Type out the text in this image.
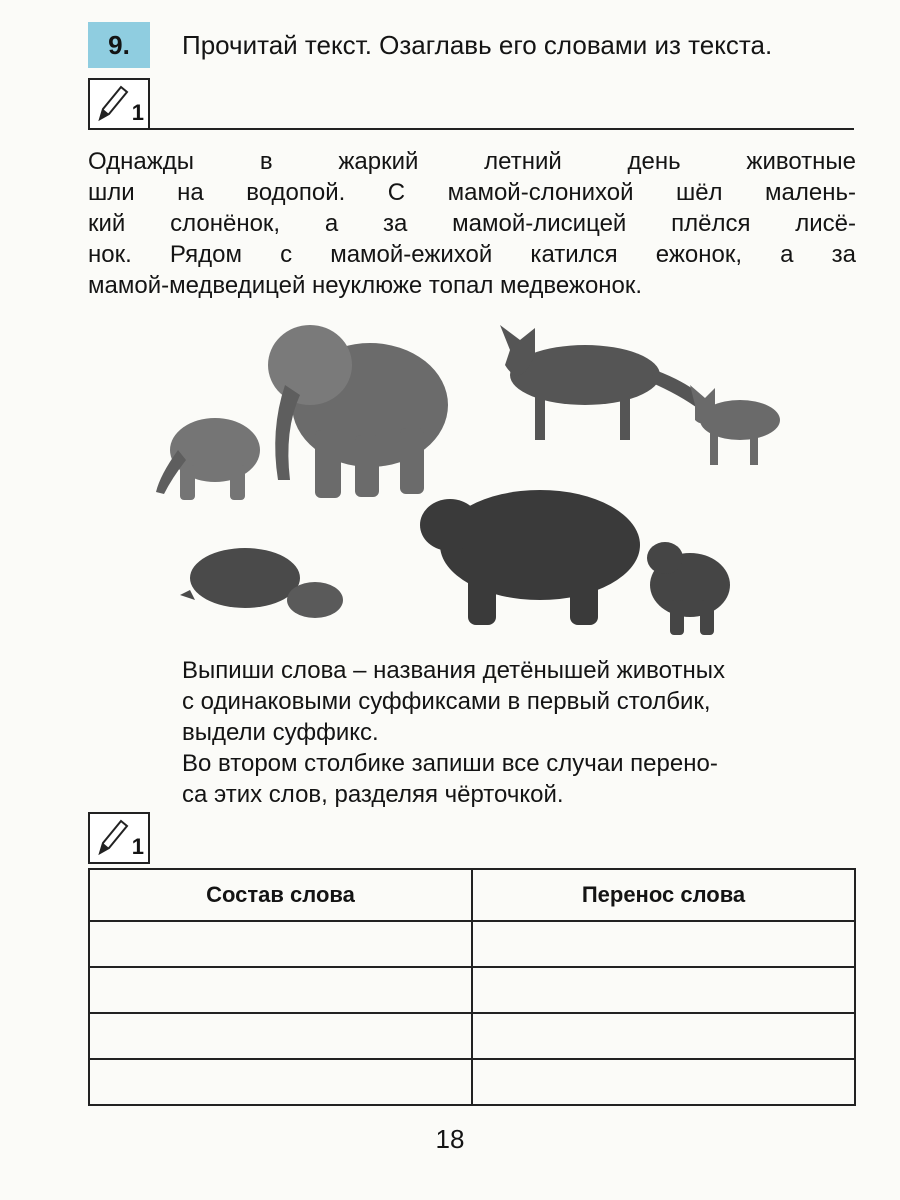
9. Прочитай текст. Озаглавь его словами из текста.
1

Однажды в жаркий летний день животные

шли на водопой. С мамой-слонихой шёл малень-

кий слонёнок, а за мамой-лисицей плёлся лисё-

нок. Рядом с мамой-ежихой катился ежонок, а за

мамой-медведицей неуклюже топал медвежонок.

Выпиши слова – названия детёнышей животных

с одинаковыми суффиксами в первый столбик,

выдели суффикс.

Во втором столбике запиши все случаи перено-

са этих слов, разделяя чёрточкой.

1
Состав слова	Перенос слова

18
